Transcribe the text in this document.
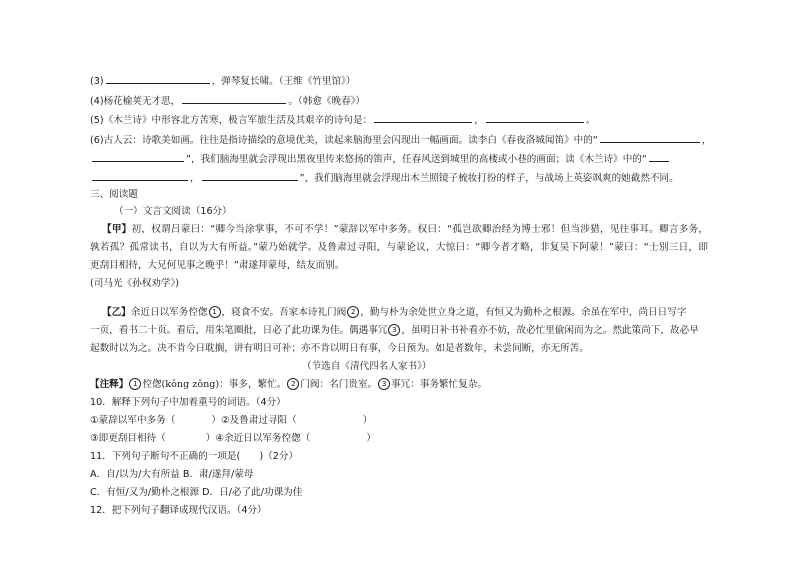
(3)	，弹琴复长啸。（王维《竹里馆》）
(4)杨花榆荚无才思，	。（韩愈《晚春》）
(5)《木兰诗》中形容北方苦寒，极言军旅生活及其艰辛的诗句是：	，	。
(6)古人云：诗歌美如画。往往是指诗描绘的意境优美，读起来脑海里会闪现出一幅画面。读李白《春夜洛城闻笛》中的“	，
”，我们脑海里就会浮现出黑夜里传来悠扬的笛声，任春风送到城里的高楼或小巷的画面；读《木兰诗》中的“
，	”，我们脑海里就会浮现出木兰照镜子梳妆打扮的样子，与战场上英姿飒爽的她截然不同。
三、阅读题
（一）文言文阅读（16分）
【甲】初，权谓吕蒙曰：“卿今当涂掌事，不可不学！”蒙辞以军中多务。权曰：“孤岂欲卿治经为博士邪！但当涉猎，见往事耳。卿言多务，
孰若孤？孤常读书，自以为大有所益。”蒙乃始就学。及鲁肃过寻阳，与蒙论议，大惊曰：“卿今者才略，非复吴下阿蒙！”蒙曰：“士别三日，即
更刮目相待，大兄何见事之晚乎！”肃遂拜蒙母，结友而别。
(司马光《孙权劝学》)
【乙】余近日以军务倥偬 1 ，寝食不安。吾家本诗礼门阀 2 ，勤与朴为余处世立身之道，有恒又为勤朴之根源。余虽在军中，尚日日写字
一页，看书二十页。看后，用朱笔圈批，日必了此功课为佳。偶遇事冗 3 ，虽明日补书补看亦不妨，故必忙里偷闲而为之。然此策尚下，故必早
起数时以为之。决不肯今日耽搁，讲有明日可补；亦不肯以明日有事，今日预为。如是者数年，未尝间断，亦无所苦。
（节选自《清代四名人家书》）
【注释】 1 倥偬(kǒng zǒng)：事多，繁忙。 2 门阀：名门贵室。 3 事冗：事务繁忙复杂。
10．解释下列句子中加着重号的词语。（4分）
①蒙辞以军中多务（	）②及鲁肃过寻阳（	）
③即更刮目相待（	）④余近日以军务倥偬（	）
11．下列句子断句不正确的一项是(　　)（2分）
A．自/以为/大有所益 B．肃/遂拜/蒙母
C．有恒/又为/勤朴之根源 D．日/必了此/功课为佳
12．把下列句子翻译成现代汉语。（4分）
